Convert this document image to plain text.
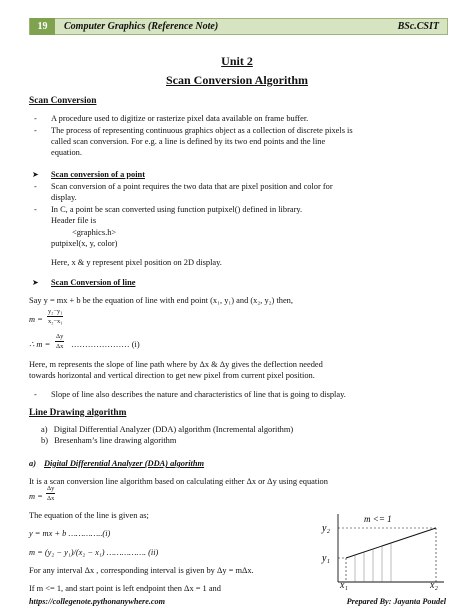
19	Computer Graphics (Reference Note)	BSc.CSIT
Unit 2
Scan Conversion Algorithm
Scan Conversion
- A procedure used to digitize or rasterize pixel data available on frame buffer.
- The process of representing continuous graphics object as a collection of discrete pixels is
called scan conversion. For e.g. a line is defined by its two end points and the line
equation.
➤ Scan conversion of a point
- Scan conversion of a point requires the two data that are pixel position and color for
display.
- In C, a point be scan converted using function putpixel() defined in library.
Header file is
<graphics.h>
putpixel(x, y, color)
Here, x & y represent pixel position on 2D display.
➤ Scan Conversion of line
Say y = mx + b be the equation of line with end point (x₁, y₁) and (x₂, y₂) then,
m =
y₂−y₁
x₂−x₁
∴ m =
Δy
Δx ………………… (i)
Here, m represents the slope of line path where by Δx & Δy gives the deflection needed
towards horizontal and vertical direction to get new pixel from current pixel position.
- Slope of line also describes the nature and characteristics of line that is going to display.
Line Drawing algorithm
a)   Digital Differential Analyzer (DDA) algorithm (Incremental algorithm)
b)   Bresenham’s line drawing algorithm
a) Digital Differential Analyzer (DDA) algorithm
It is a scan conversion line algorithm based on calculating either Δx or Δy using equation
m =
Δy
Δx
The equation of the line is given as;
y = mx + b …………..(i)
m = (y₂ − y₁)/(x₂ − x₁) ……………. (ii)
For any interval Δx , corresponding interval is given by Δy = mΔx.
If m <= 1, and start point is left endpoint then Δx = 1 and
y₂
y₁
m <= 1
x₁	x₂
https://collegenote.pythonanywhere.com	Prepared By: Jayanta Poudel
